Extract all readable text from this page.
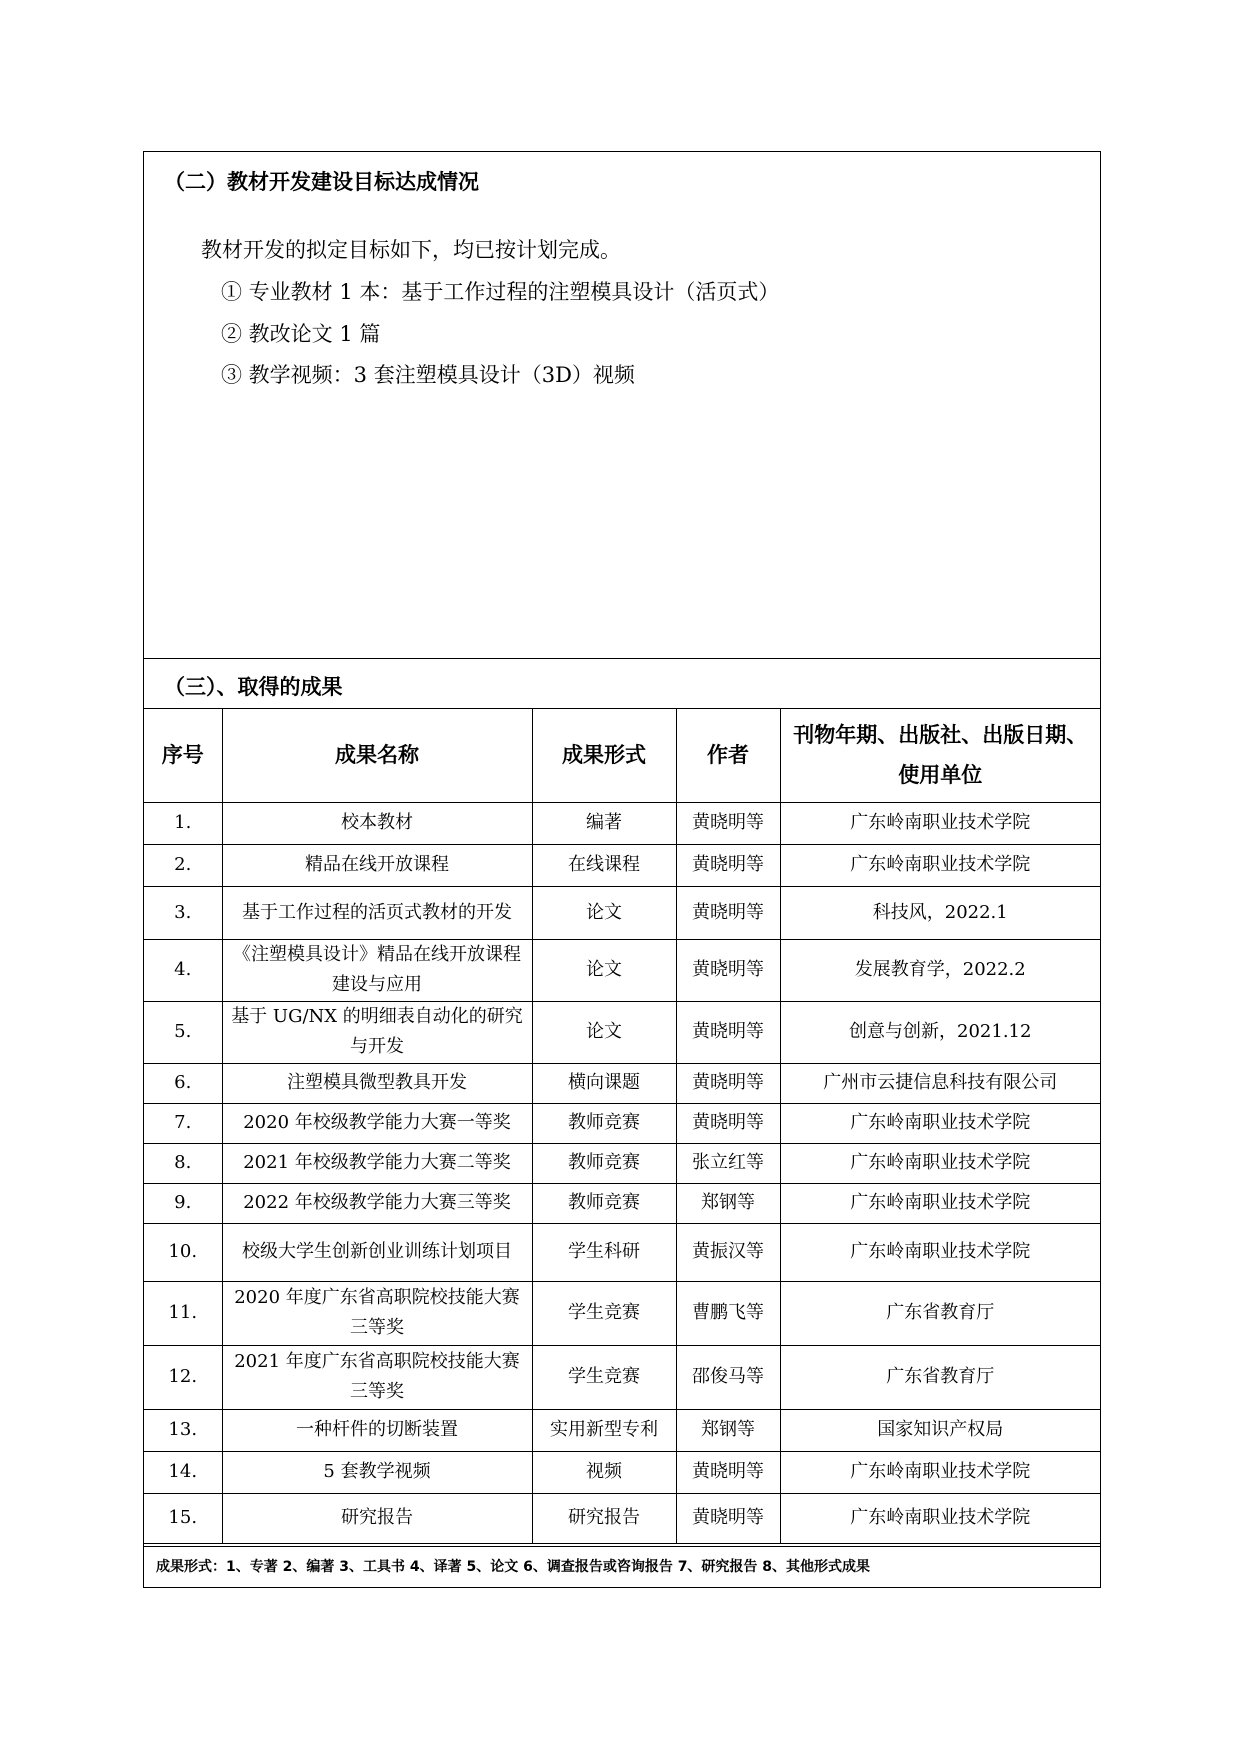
（二）教材开发建设目标达成情况
教材开发的拟定目标如下，均已按计划完成。
① 专业教材 1 本：基于工作过程的注塑模具设计（活页式）
② 教改论文 1 篇
③ 教学视频：3 套注塑模具设计（3D）视频
（三）、取得的成果
序号	成果名称	成果形式	作者	刊物年期、出版社、出版日期、使用单位
1.	校本教材	编著	黄晓明等	广东岭南职业技术学院
2.	精品在线开放课程	在线课程	黄晓明等	广东岭南职业技术学院
3.	基于工作过程的活页式教材的开发	论文	黄晓明等	科技风，2022.1
4.	《注塑模具设计》精品在线开放课程建设与应用	论文	黄晓明等	发展教育学，2022.2
5.	基于 UG/NX 的明细表自动化的研究与开发	论文	黄晓明等	创意与创新，2021.12
6.	注塑模具微型教具开发	横向课题	黄晓明等	广州市云捷信息科技有限公司
7.	2020 年校级教学能力大赛一等奖	教师竞赛	黄晓明等	广东岭南职业技术学院
8.	2021 年校级教学能力大赛二等奖	教师竞赛	张立红等	广东岭南职业技术学院
9.	2022 年校级教学能力大赛三等奖	教师竞赛	郑钢等	广东岭南职业技术学院
10.	校级大学生创新创业训练计划项目	学生科研	黄振汉等	广东岭南职业技术学院
11.	2020 年度广东省高职院校技能大赛三等奖	学生竞赛	曹鹏飞等	广东省教育厅
12.	2021 年度广东省高职院校技能大赛三等奖	学生竞赛	邵俊马等	广东省教育厅
13.	一种杆件的切断装置	实用新型专利	郑钢等	国家知识产权局
14.	5 套教学视频	视频	黄晓明等	广东岭南职业技术学院
15.	研究报告	研究报告	黄晓明等	广东岭南职业技术学院
成果形式：1、专著 2、编著 3、工具书 4、译著 5、论文 6、调查报告或咨询报告 7、研究报告 8、其他形式成果
